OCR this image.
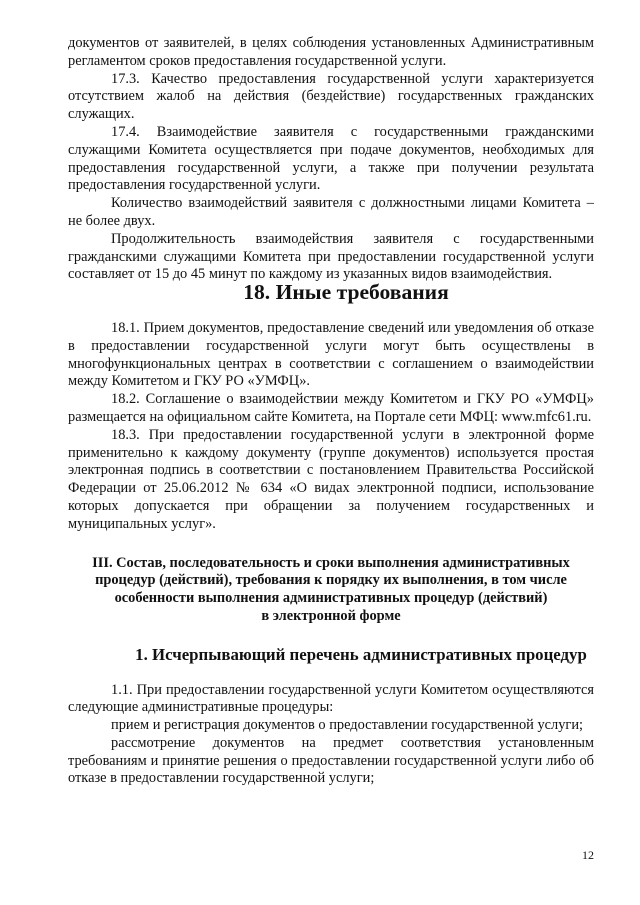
документов от заявителей, в целях соблюдения установленных Административным регламентом сроков предоставления государственной услуги.

17.3. Качество предоставления государственной услуги характеризуется отсутствием жалоб на действия (бездействие) государственных гражданских служащих.

17.4. Взаимодействие заявителя с государственными гражданскими служащими Комитета осуществляется при подаче документов, необходимых для предоставления государственной услуги, а также при получении результата предоставления государственной услуги.

Количество взаимодействий заявителя с должностными лицами Комитета – не более двух.

Продолжительность взаимодействия заявителя с государственными гражданскими служащими Комитета при предоставлении государственной услуги составляет от 15 до 45 минут по каждому из указанных видов взаимодействия.

18. Иные требования

18.1. Прием документов, предоставление сведений или уведомления об отказе в предоставлении государственной услуги могут быть осуществлены в многофункциональных центрах в соответствии с соглашением о взаимодействии между Комитетом и ГКУ РО «УМФЦ».

18.2. Соглашение о взаимодействии между Комитетом и ГКУ РО «УМФЦ» размещается на официальном сайте Комитета, на Портале сети МФЦ: www.mfc61.ru.

18.3. При предоставлении государственной услуги в электронной форме применительно к каждому документу (группе документов) используется простая электронная подпись в соответствии с постановлением Правительства Российской Федерации от 25.06.2012 № 634 «О видах электронной подписи, использование которых допускается при обращении за получением государственных и муниципальных услуг».

III. Состав, последовательность и сроки выполнения административных
процедур (действий), требования к порядку их выполнения, в том числе
особенности выполнения административных процедур (действий)
в электронной форме
1. Исчерпывающий перечень административных процедур

1.1. При предоставлении государственной услуги Комитетом осуществляются следующие административные процедуры:

прием и регистрация документов о предоставлении государственной услуги;

рассмотрение документов на предмет соответствия установленным требованиям и принятие решения о предоставлении государственной услуги либо об отказе в предоставлении государственной услуги;

12
